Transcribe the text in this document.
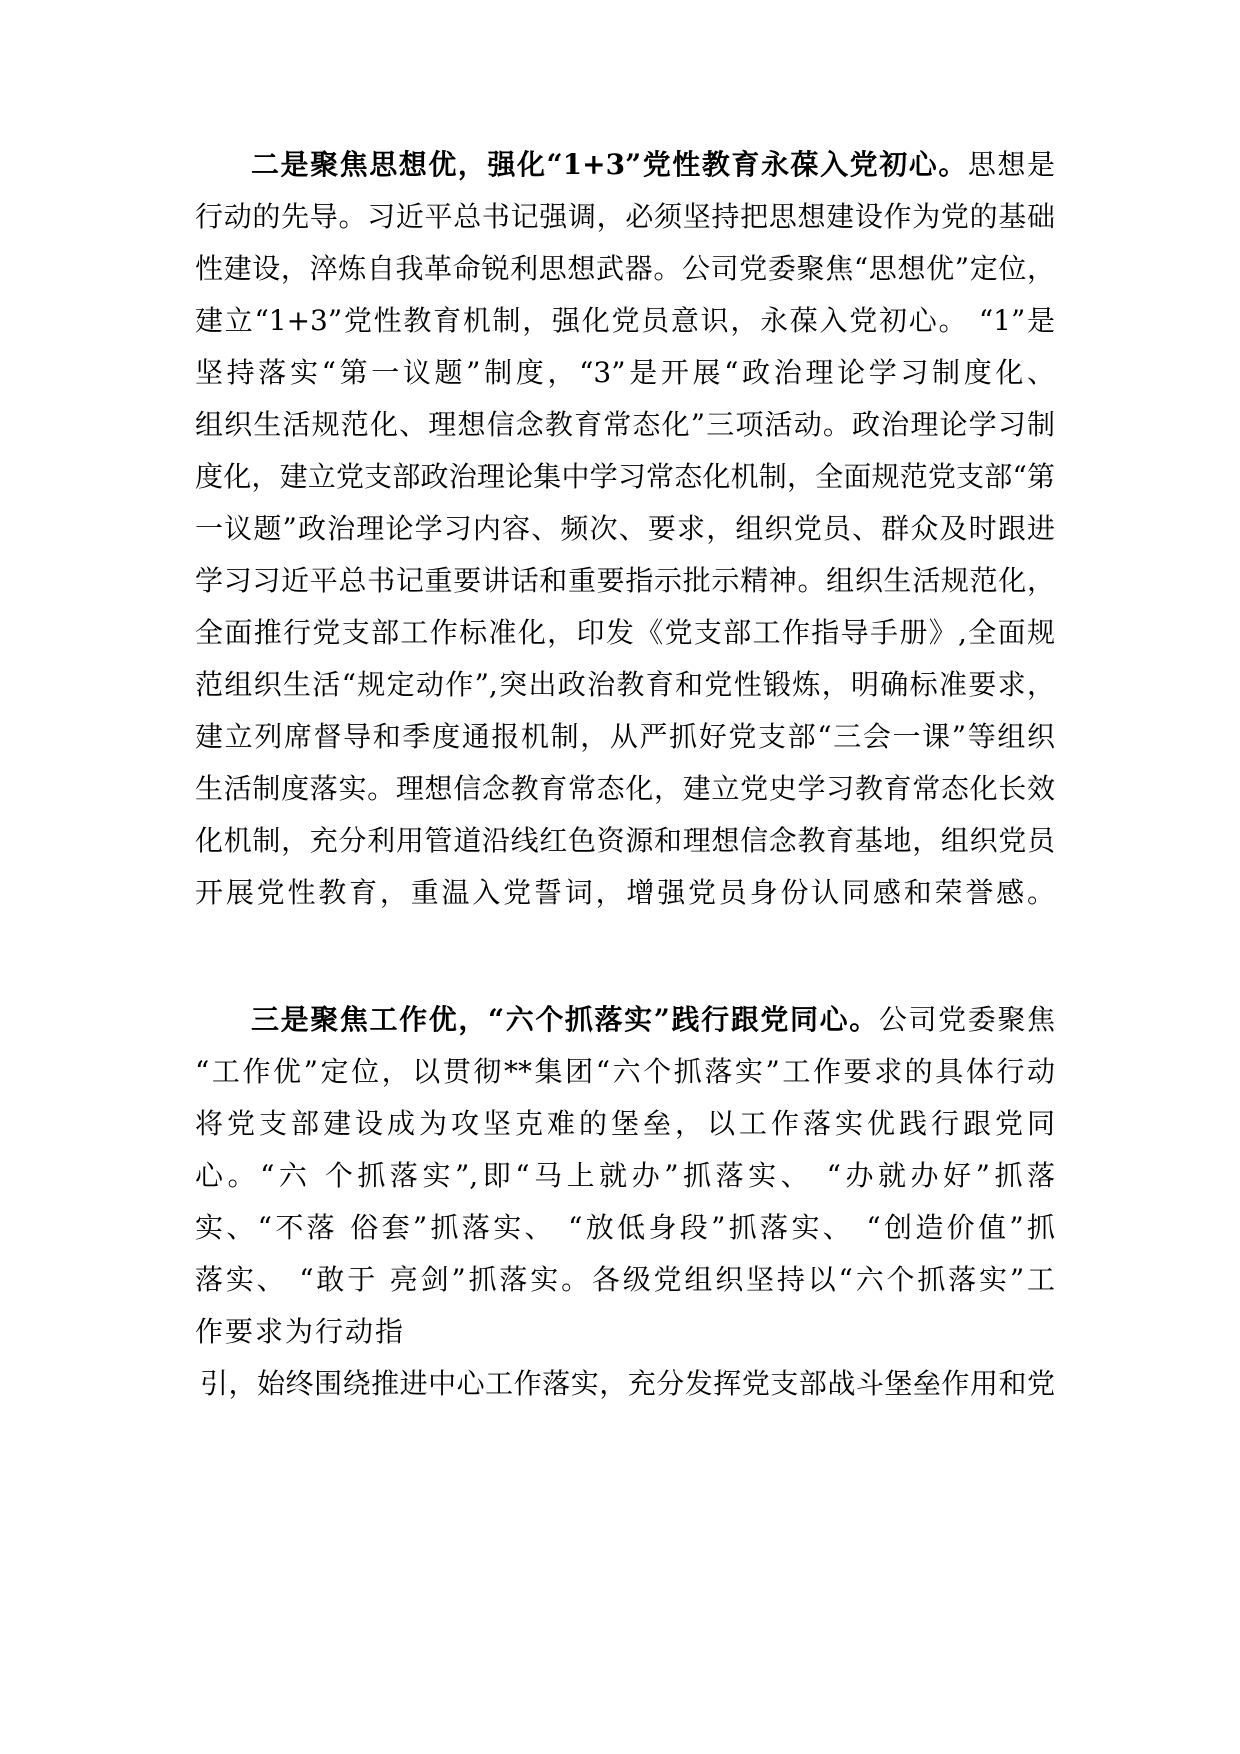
二是聚焦思想优，强化“1+3”党性教育永葆入党初心。思想是
行动的先导。习近平总书记强调，必须坚持把思想建设作为党的基础
性建设，淬炼自我革命锐利思想武器。公司党委聚焦“思想优”定位，
建立“1+3”党性教育机制，强化党员意识，永葆入党初心。 “1”是
坚持落实“第一议题”制度，“3”是开展“政治理论学习制度化、
组织生活规范化、理想信念教育常态化”三项活动。政治理论学习制
度化，建立党支部政治理论集中学习常态化机制，全面规范党支部“第
一议题”政治理论学习内容、频次、要求，组织党员、群众及时跟进
学习习近平总书记重要讲话和重要指示批示精神。组织生活规范化，
全面推行党支部工作标准化，印发《党支部工作指导手册》,全面规
范组织生活“规定动作”,突出政治教育和党性锻炼，明确标准要求，
建立列席督导和季度通报机制，从严抓好党支部“三会一课”等组织
生活制度落实。理想信念教育常态化，建立党史学习教育常态化长效
化机制，充分利用管道沿线红色资源和理想信念教育基地，组织党员
开展党性教育，重温入党誓词，增强党员身份认同感和荣誉感。
三是聚焦工作优，“六个抓落实”践行跟党同心。公司党委聚焦
“工作优”定位，以贯彻**集团“六个抓落实”工作要求的具体行动
将党支部建设成为攻坚克难的堡垒，以工作落实优践行跟党同
心。“六 个抓落实”,即“马上就办”抓落实、 “办就办好”抓落
实、“不落 俗套”抓落实、 “放低身段”抓落实、 “创造价值”抓
落实、 “敢于 亮剑”抓落实。各级党组织坚持以“六个抓落实”工
作要求为行动指
引，始终围绕推进中心工作落实，充分发挥党支部战斗堡垒作用和党
